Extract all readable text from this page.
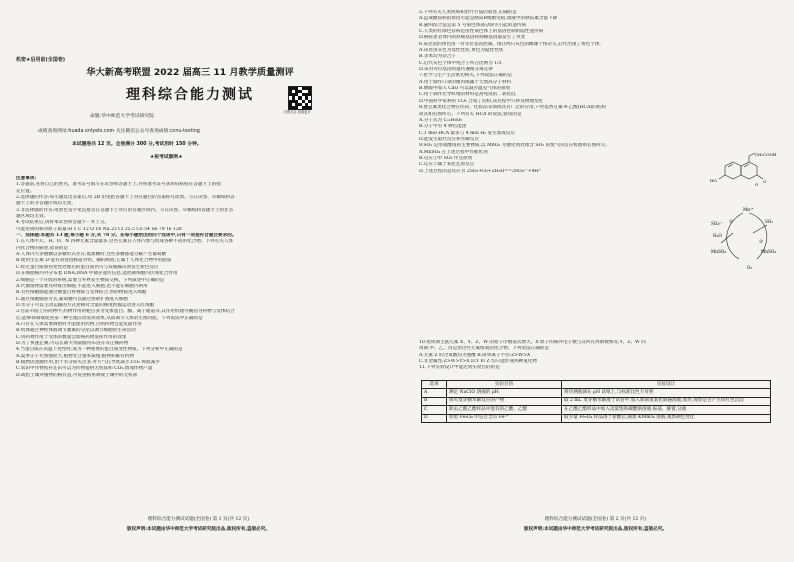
机密★启用前(全国卷)
华大新高考联盟 2022 届高三 11 月教学质量测评
理科综合能力测试
扫码关注 查看更多
命题:华中师范大学考试研究院
成绩查询网址:huada.onlyets.com 关注微信公众号查询成绩:ccnu-testing
本试题卷共 12 页。全卷满分 300 分,考试用时 150 分钟。
★祝考试顺利★
注意事项:
1.答题前,先将自己的姓名、准考证号填写在试卷和答题卡上,并将准考证号条形码粘贴在答题卡上的指
定位置。
2.选择题的作答:每小题选出答案后,用 2B 铅笔把答题卡上对应题目的答案标号涂黑。写在试卷、草稿纸和答
题卡上的非答题区域均无效。
3.非选择题的作答:用黑色签字笔直接答在答题卡上对应的答题区域内。写在试卷、草稿纸和答题卡上的非答
题区域均无效。
4.考试结束后,请将本试卷和答题卡一并上交。
可能用到的相对原子质量:H 1 C 12 O 16 Na 23 Cl 35.5 Co 54 Se 79 Te 128
一、选择题:本题共 13 题,每小题 6 分,共 78 分。在每小题给出的四个选项中,只有一项是符合题目要求的。
1.在人体中,C、H、O、N 四种元素含量最多,这些元素在人体内参与组成各种不同的化合物。下列有关人体
内化合物的描述,错误的是
A.人体内大多数糖以多糖形式存在,低血糖时,这些多糖都能分解产生葡萄糖
B.使用生长素 D 能有效促进肠道对钙、磷的吸收,它属于人体化合物中的脂质
C.经过蛋白质加热变性处理后的蛋白质仍可与双缩脲试剂发生紫色反应
D.在细胞核内外分布着 DNA,DNA 中储存遗传信息,能控制细胞内区域化合作用
2.细胞是一个开放的系统,需要与外界发生物质交换。下列叙述中正确的是
A.代谢废物需要及时排出细胞,不能进入细胞,也不能在细胞内利用
B.有些细胞膜能通过糖蛋白将物质与受体结合,帮助物质进入细胞
C.通过细胞膜的方式,葡萄糖可以通过协助扩散进入细胞
D.水分子可以主动运输的方式逆相对含量的梯度跨膜运动进入红细胞
3.目前市面上的药物中,药物作用的靶点多为受体蛋白、酶、离子通道等,其作用机理可概括为药物与受体结合
后,能够抑制或促进某一种生理活动发挥效果,从而调节人体的生理功能。下列说法中正确的是
A.只有在人体需要调整时才能使用药物,否则药物会起负面作用
B.机体通过神经体液调节激素的分泌以调节细胞的生命活动
C.用药物作用于受体的数量会影响药物发挥作用的效果
D.为了快速止痛,可以长期大剂量服用布洛芬等止痛药物
4.当蛋白质在高温下变性时,成为一种重要的蛋白质变性物质。下列分析中正确的是
A.夏季正午光照强度大,植物光合速率减慢,植物积累有机物
B.植物因蒸腾作用,由于水分损失过多,叶片气孔导度减小,CO₂ 吸收减少
C.农田中作物秸秆还田可以为作物提供无机盐和 CO₂,增加作物产量
D.疏松土壤对植物的根有益,可促进根系吸收土壤中的无机盐
理科综合能力测试试题(全国卷) 第 1 页(共 12 页)
版权声明:本试题由华中师范大学考试研究院出品,版权所有,盗版必究。
5.下列有关人类疾病和治疗方法的叙述,正确的是
A.造成糖尿病的原因可能是胰岛B细胞受损,血液中的胰岛素含量下降
B.猫叫综合征是第 5 号染色体部分缺失引起的遗传病
C.人类的红绿色盲病是由性染色体上的基因控制的隐性遗传病
D.癌症患者体内的原癌基因和抑癌基因都发生了突变
6.某昆虫的体色由一对等位基因控制。现让两只灰色的雌雄个体杂交,后代出现了黄色个体,
A.该昆虫灰色为显性性状,黄色为隐性性状
B.亲本均为杂合子
C.后代灰色个体中纯合子所占比例为 1/3
D.该对等位基因的遗传遵循分离定律
7.化学与生产生活密切相关,下列说法正确的是
A.用于制作口罩的聚丙烯属于天然高分子材料
B.燃煤中加入 CaO 可以减少温室气体的排放
C.用于制作光导纤维的材料是高纯度的二氧化硅
D.中国科学家利用 CO₂ 合成了淀粉,该过程中只涉及物理变化
8.香豆素类化合物在医药、化妆品等领域具有广泛的应用,7-羟基香豆素-4-乙酸(HCA)的结构
简式如右图所示。下列有关 HCA 的说法,错误的是
A.分子式为 C₁₁H₈O₅
B.分子中有 4 种官能团
C.1 mol HCA 最多与 4 mol H₂ 发生加成反应
D.能发生取代反应和水解反应
9.SO₂ 是形成酸雨的主要物质,以 MnO₂ 为催化剂处理含 SO₂ 的废气的反应机理如右图所示。
A.MnSO₄ 在上述过程中作催化剂
B.反应①中 SO₂ 作还原剂
C.反应②属于氧化还原反应
D.上述过程的总反应为 2SO₂+O₂+2H₂O==2SO₄²⁻+4H⁺
CH₂COOH
HO
O
O
Mn²⁺
SO₄²⁻	SO₂
MnSO₄	MnSO₄
H₂O
O₂
①
②
10.短周期主族元素 X、Y、Z、W 的原子序数依次增大。X 原子的核外电子数与其所在周期数相等,Y、Z、W 同
周期,甲、乙、丙是由这些元素组成的化合物。下列说法正确的是
A.元素 Z 的含氧酸均为强酸 B.简单离子半径:Z>W>X
C.非金属性:Z>W>Y>X D.Y 和 Z 均只能形成两种氢化物
11.下列实验设计中能达到实验目的的是
选项	实验目的	实验设计
A	测定 NaClO 溶液的 pH	将待测液滴在 pH 试纸上,与标准比色卡对照
B	探究麦芽糖水解反应的产物	取 2 mL 麦芽糖水解液于试管中,加入新制氢氧化铜悬浊液,加热,观察是否产生砖红色沉淀
C	除去乙醛乙酯样品中混有的乙酸、乙醇	在乙酸乙酯样品中加入适量饱和碳酸钠溶液,振荡、静置,分液
D	检验 Fe₃O₄ 中是否含有 Fe²⁺	取少量 Fe₃O₄ 样品溶于盐酸后,滴加 KMnO₄ 溶液,观察颜色变化
理科综合能力测试试题(全国卷) 第 2 页(共 12 页)
版权声明:本试题由华中师范大学考试研究院出品,版权所有,盗版必究。
